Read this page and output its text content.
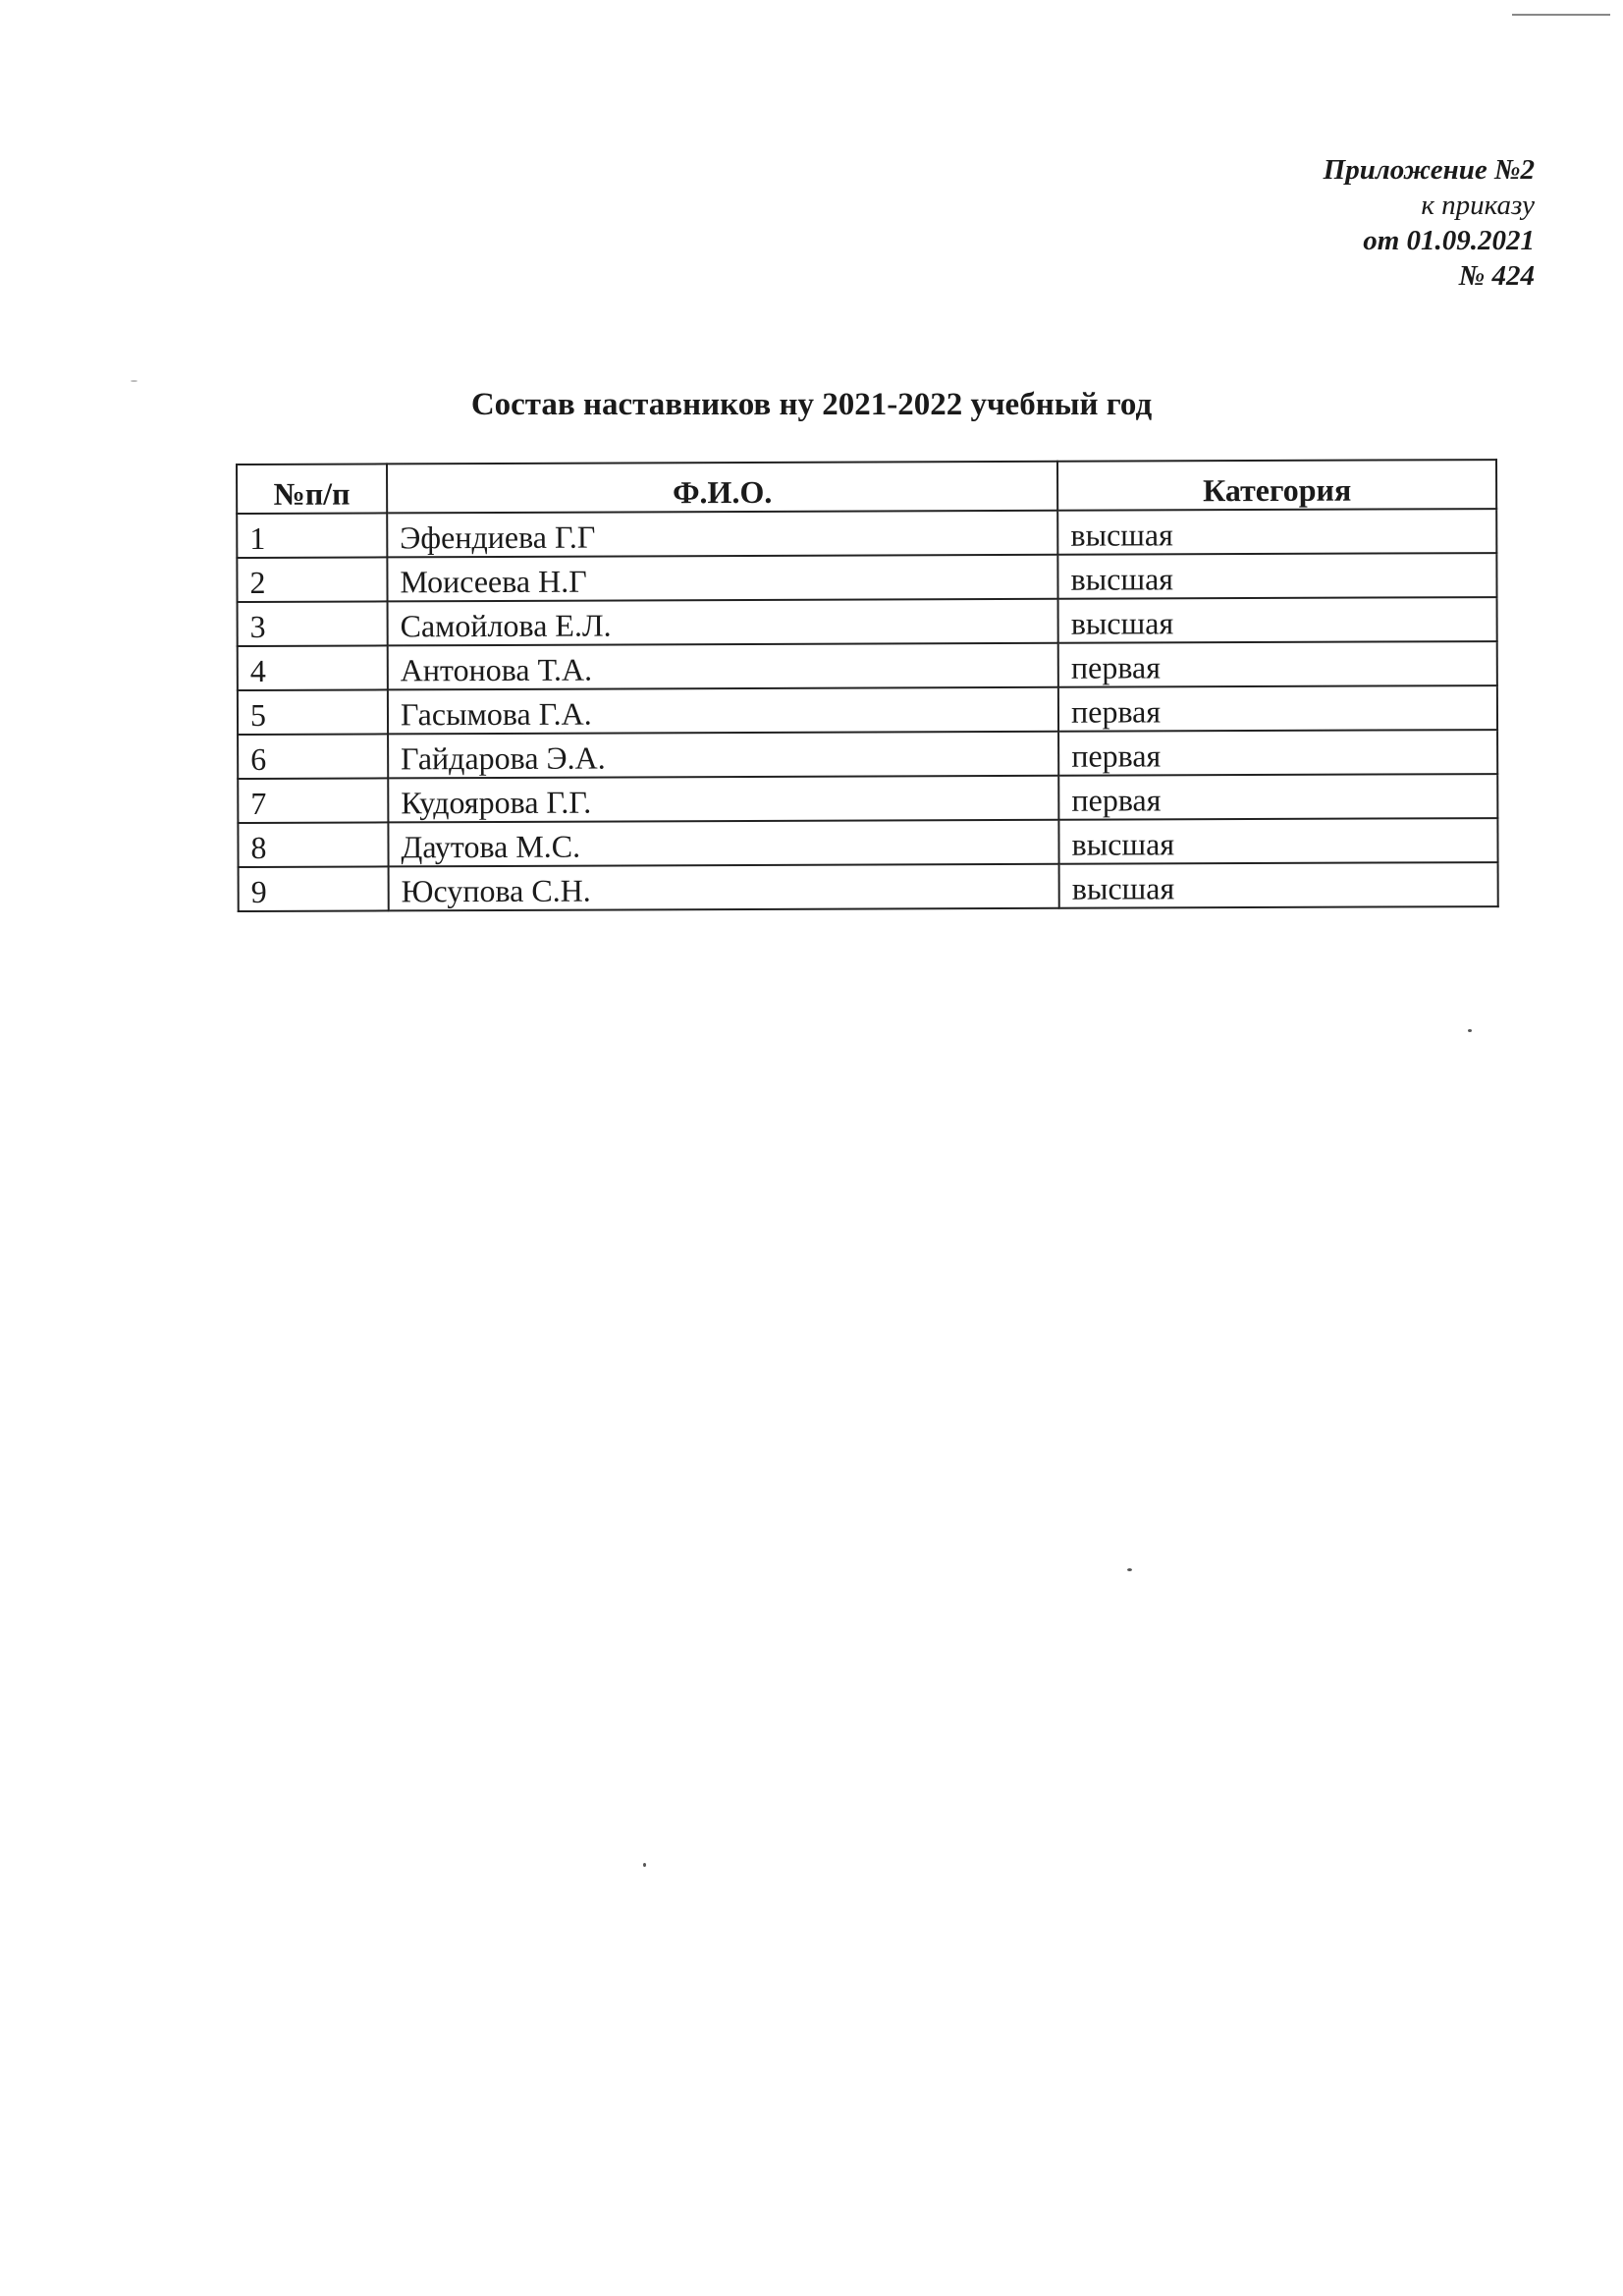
Приложение №2
к приказу
от 01.09.2021
№ 424
Состав наставников ну 2021-2022 учебный год
№п/п	Ф.И.О.	Категория
1	Эфендиева Г.Г	высшая
2	Моисеева Н.Г	высшая
3	Самойлова Е.Л.	высшая
4	Антонова Т.А.	первая
5	Гасымова Г.А.	первая
6	Гайдарова Э.А.	первая
7	Кудоярова Г.Г.	первая
8	Даутова М.С.	высшая
9	Юсупова С.Н.	высшая
